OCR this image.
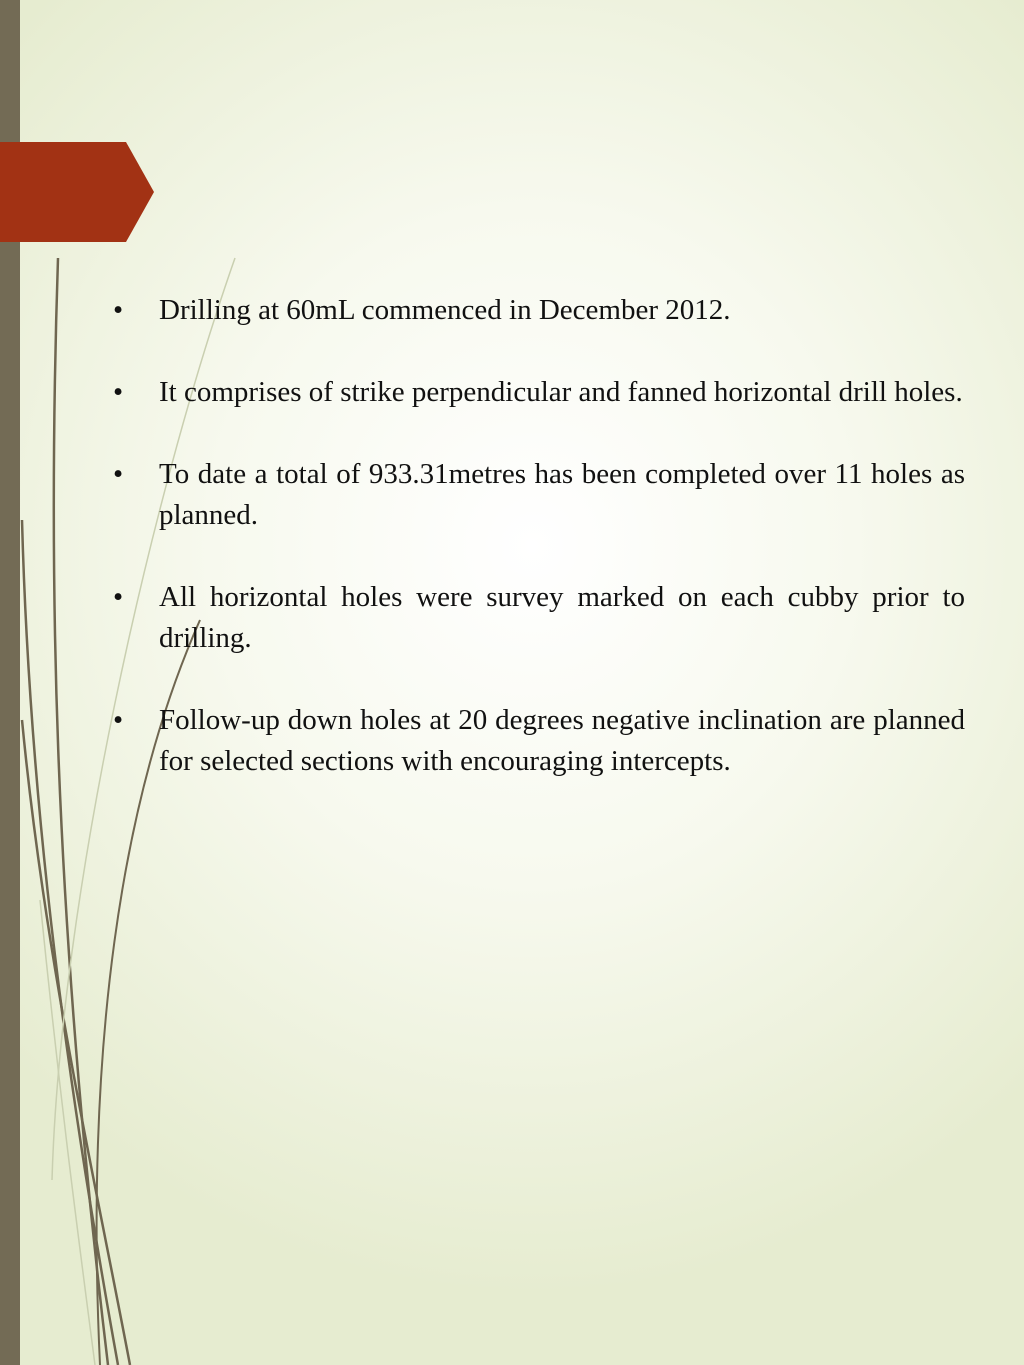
• Drilling at 60mL commenced in December 2012.
• It comprises of strike perpendicular and fanned horizontal drill holes.
• To date a total of 933.31metres has been completed over 11 holes as planned.
• All horizontal holes were survey marked on each cubby prior to drilling.
• Follow-up down holes at 20 degrees negative inclination are planned for selected sections with encouraging intercepts.
